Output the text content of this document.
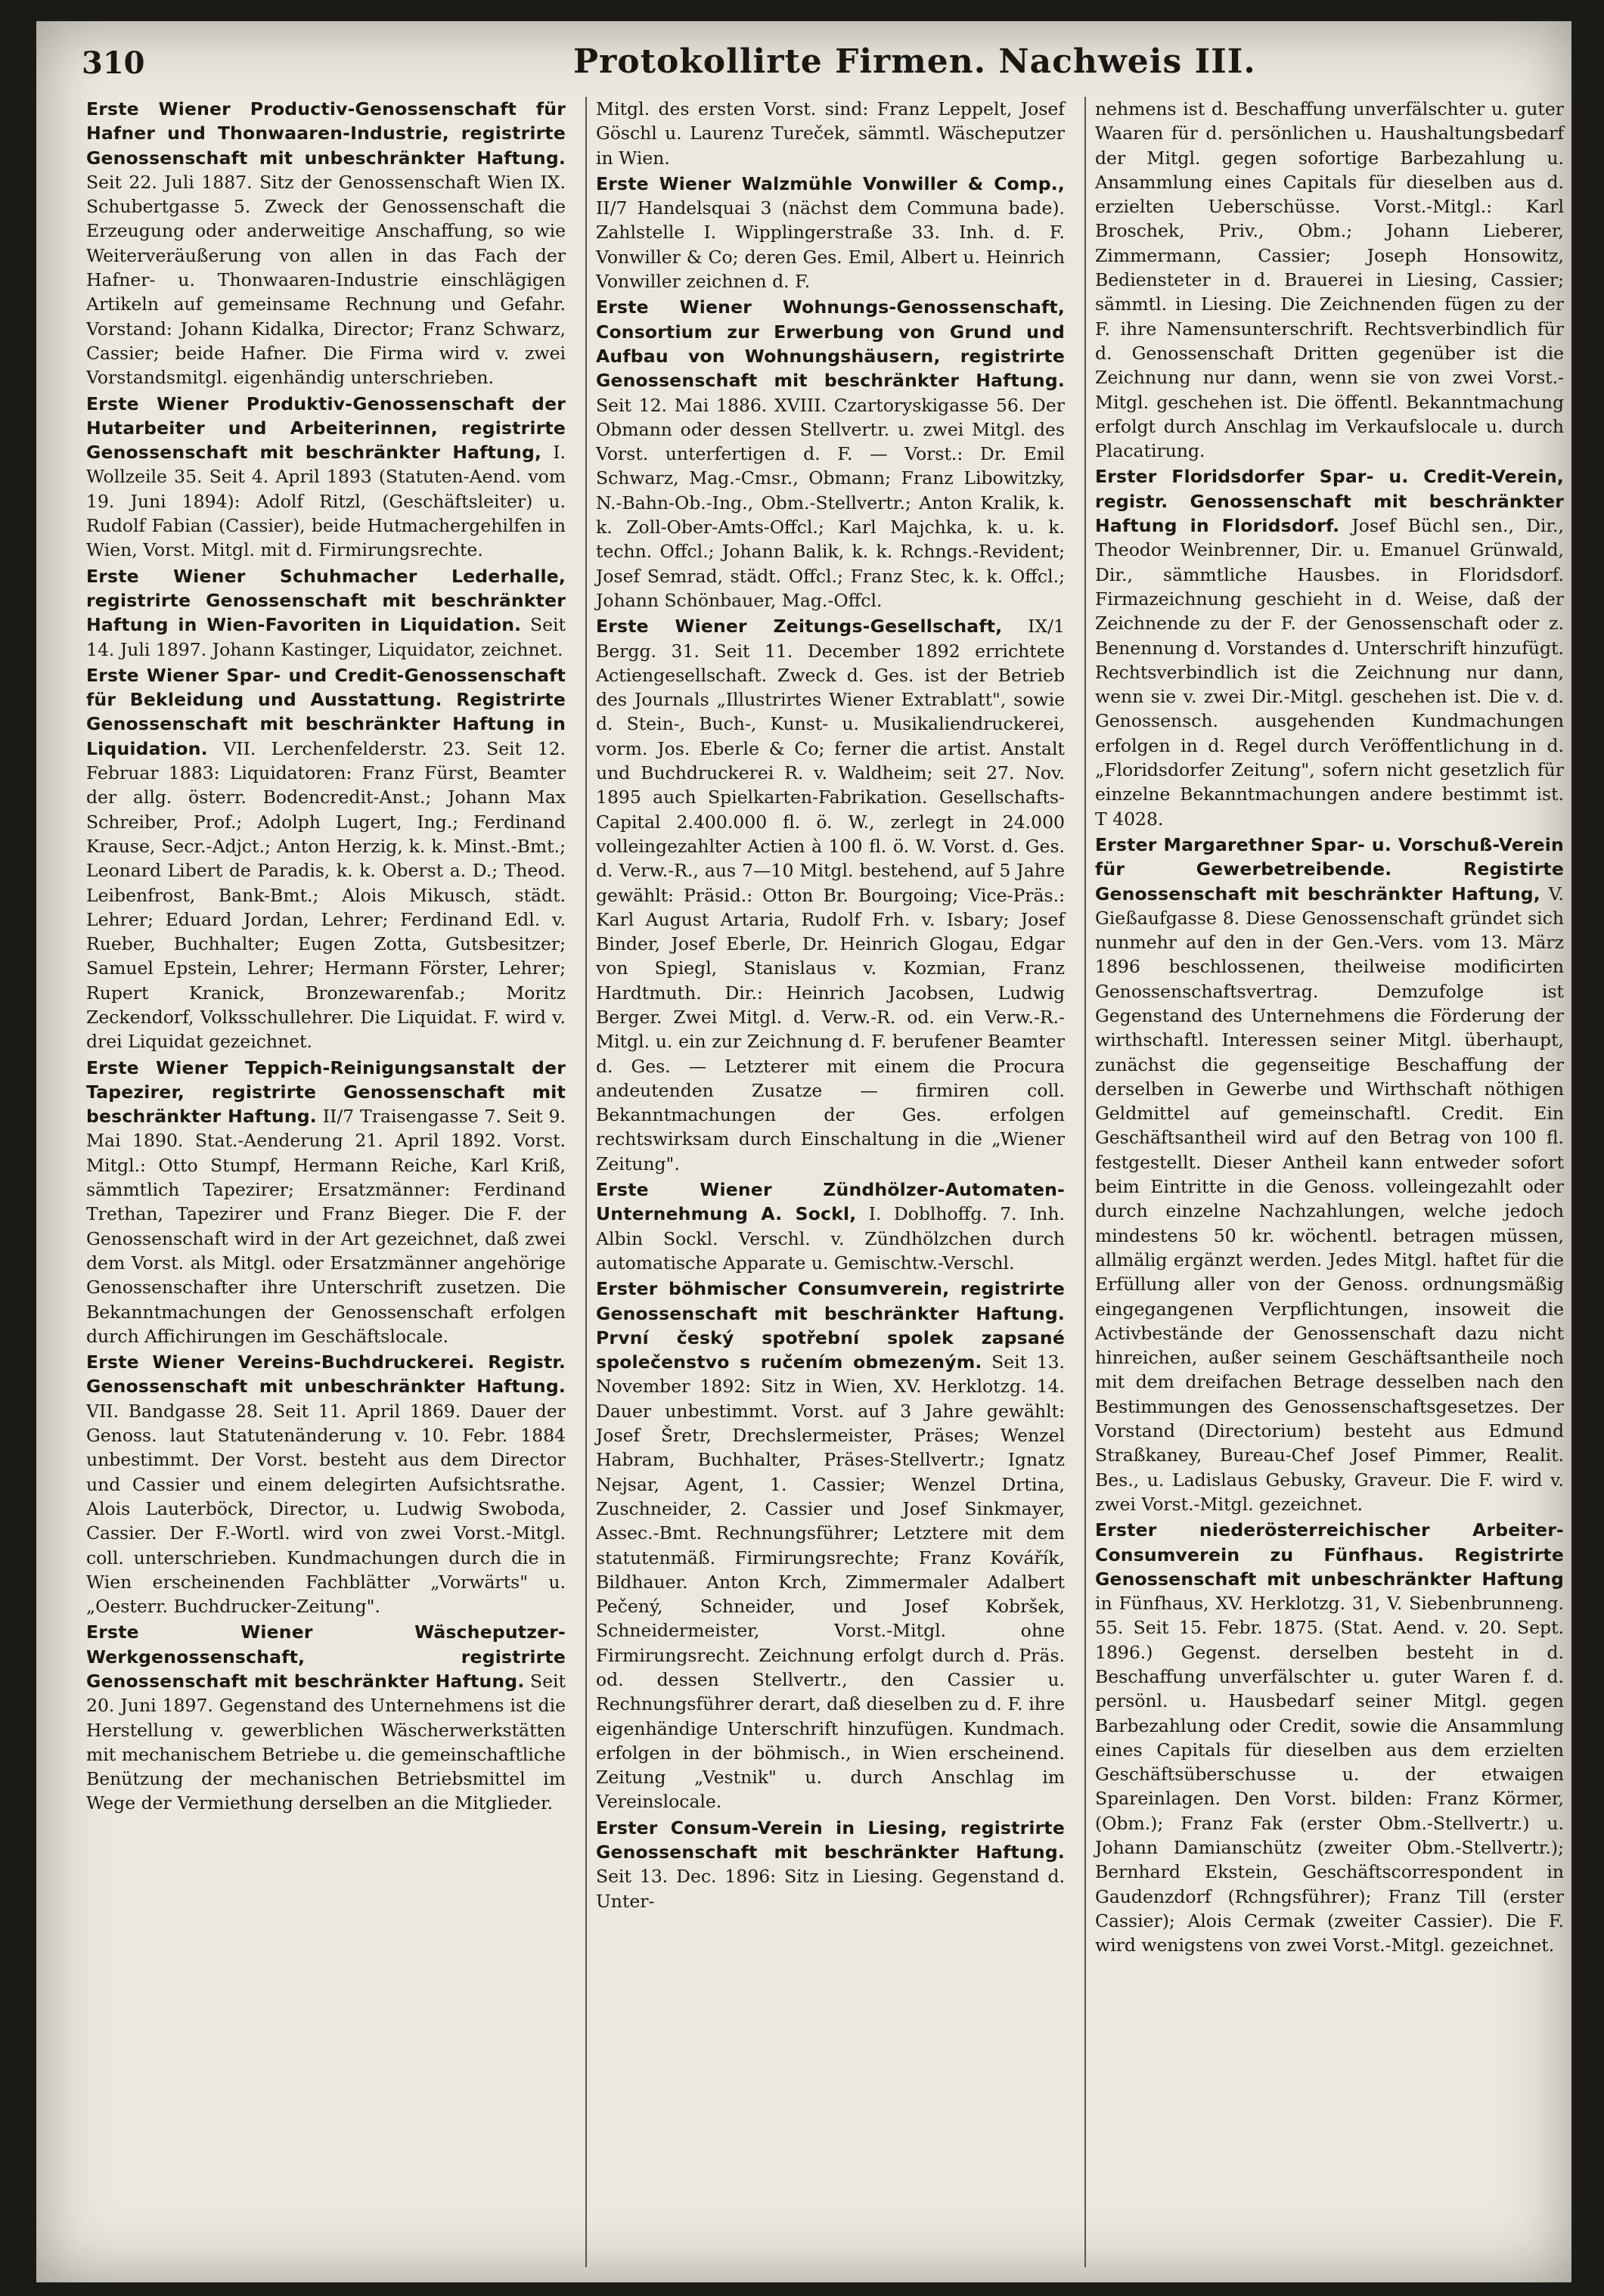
310	Protokollirte Firmen. Nachweis III.

Erste Wiener Productiv-Genossenschaft für Hafner und Thonwaaren-Industrie, registrirte Genossenschaft mit unbeschränkter Haftung. Seit 22. Juli 1887. Sitz der Genossenschaft Wien IX. Schubertgasse 5. Zweck der Genossenschaft die Erzeugung oder anderweitige Anschaffung, so wie Weiterveräußerung von allen in das Fach der Hafner- u. Thonwaaren-Industrie einschlägigen Artikeln auf gemeinsame Rechnung und Gefahr. Vorstand: Johann Kidalka, Director; Franz Schwarz, Cassier; beide Hafner. Die Firma wird v. zwei Vorstandsmitgl. eigenhändig unterschrieben.

Erste Wiener Produktiv-Genossenschaft der Hutarbeiter und Arbeiterinnen, registrirte Genossenschaft mit beschränkter Haftung, I. Wollzeile 35. Seit 4. April 1893 (Statuten-Aend. vom 19. Juni 1894): Adolf Ritzl, (Geschäftsleiter) u. Rudolf Fabian (Cassier), beide Hutmachergehilfen in Wien, Vorst. Mitgl. mit d. Firmirungsrechte.

Erste Wiener Schuhmacher Lederhalle, registrirte Genossenschaft mit beschränkter Haftung in Wien-Favoriten in Liquidation. Seit 14. Juli 1897. Johann Kastinger, Liquidator, zeichnet.

Erste Wiener Spar- und Credit-Genossenschaft für Bekleidung und Ausstattung. Registrirte Genossenschaft mit beschränkter Haftung in Liquidation. VII. Lerchenfelderstr. 23. Seit 12. Februar 1883: Liquidatoren: Franz Fürst, Beamter der allg. österr. Bodencredit-Anst.; Johann Max Schreiber, Prof.; Adolph Lugert, Ing.; Ferdinand Krause, Secr.-Adjct.; Anton Herzig, k. k. Minst.-Bmt.; Leonard Libert de Paradis, k. k. Oberst a. D.; Theod. Leibenfrost, Bank-Bmt.; Alois Mikusch, städt. Lehrer; Eduard Jordan, Lehrer; Ferdinand Edl. v. Rueber, Buchhalter; Eugen Zotta, Gutsbesitzer; Samuel Epstein, Lehrer; Hermann Förster, Lehrer; Rupert Kranick, Bronzewarenfab.; Moritz Zeckendorf, Volksschullehrer. Die Liquidat. F. wird v. drei Liquidat gezeichnet.

Erste Wiener Teppich-Reinigungsanstalt der Tapezirer, registrirte Genossenschaft mit beschränkter Haftung. II/7 Traisengasse 7. Seit 9. Mai 1890. Stat.-Aenderung 21. April 1892. Vorst. Mitgl.: Otto Stumpf, Hermann Reiche, Karl Kriß, sämmtlich Tapezirer; Ersatzmänner: Ferdinand Trethan, Tapezirer und Franz Bieger. Die F. der Genossenschaft wird in der Art gezeichnet, daß zwei dem Vorst. als Mitgl. oder Ersatzmänner angehörige Genossenschafter ihre Unterschrift zusetzen. Die Bekanntmachungen der Genossenschaft erfolgen durch Affichirungen im Geschäftslocale.

Erste Wiener Vereins-Buchdruckerei. Registr. Genossenschaft mit unbeschränkter Haftung. VII. Bandgasse 28. Seit 11. April 1869. Dauer der Genoss. laut Statutenänderung v. 10. Febr. 1884 unbestimmt. Der Vorst. besteht aus dem Director und Cassier und einem delegirten Aufsichtsrathe. Alois Lauterböck, Director, u. Ludwig Swoboda, Cassier. Der F.-Wortl. wird von zwei Vorst.-Mitgl. coll. unterschrieben. Kundmachungen durch die in Wien erscheinenden Fachblätter „Vorwärts" u. „Oesterr. Buchdrucker-Zeitung".

Erste Wiener Wäscheputzer-Werkgenossenschaft, registrirte Genossenschaft mit beschränkter Haftung. Seit 20. Juni 1897. Gegenstand des Unternehmens ist die Herstellung v. gewerblichen Wäscherwerkstätten mit mechanischem Betriebe u. die gemeinschaftliche Benützung der mechanischen Betriebsmittel im Wege der Vermiethung derselben an die Mitglieder.

Mitgl. des ersten Vorst. sind: Franz Leppelt, Josef Göschl u. Laurenz Tureček, sämmtl. Wäscheputzer in Wien.

Erste Wiener Walzmühle Vonwiller & Comp., II/7 Handelsquai 3 (nächst dem Communa bade). Zahlstelle I. Wipplingerstraße 33. Inh. d. F. Vonwiller & Co; deren Ges. Emil, Albert u. Heinrich Vonwiller zeichnen d. F.

Erste Wiener Wohnungs-Genossenschaft, Consortium zur Erwerbung von Grund und Aufbau von Wohnungshäusern, registrirte Genossenschaft mit beschränkter Haftung. Seit 12. Mai 1886. XVIII. Czartoryskigasse 56. Der Obmann oder dessen Stellvertr. u. zwei Mitgl. des Vorst. unterfertigen d. F. — Vorst.: Dr. Emil Schwarz, Mag.-Cmsr., Obmann; Franz Libowitzky, N.-Bahn-Ob.-Ing., Obm.-Stellvertr.; Anton Kralik, k. k. Zoll-Ober-Amts-Offcl.; Karl Majchka, k. u. k. techn. Offcl.; Johann Balik, k. k. Rchngs.-Revident; Josef Semrad, städt. Offcl.; Franz Stec, k. k. Offcl.; Johann Schönbauer, Mag.-Offcl.

Erste Wiener Zeitungs-Gesellschaft, IX/1 Bergg. 31. Seit 11. December 1892 errichtete Actiengesellschaft. Zweck d. Ges. ist der Betrieb des Journals „Illustrirtes Wiener Extrablatt", sowie d. Stein-, Buch-, Kunst- u. Musikaliendruckerei, vorm. Jos. Eberle & Co; ferner die artist. Anstalt und Buchdruckerei R. v. Waldheim; seit 27. Nov. 1895 auch Spielkarten-Fabrikation. Gesellschafts-Capital 2.400.000 fl. ö. W., zerlegt in 24.000 volleingezahlter Actien à 100 fl. ö. W. Vorst. d. Ges. d. Verw.-R., aus 7—10 Mitgl. bestehend, auf 5 Jahre gewählt: Präsid.: Otton Br. Bourgoing; Vice-Präs.: Karl August Artaria, Rudolf Frh. v. Isbary; Josef Binder, Josef Eberle, Dr. Heinrich Glogau, Edgar von Spiegl, Stanislaus v. Kozmian, Franz Hardtmuth. Dir.: Heinrich Jacobsen, Ludwig Berger. Zwei Mitgl. d. Verw.-R. od. ein Verw.-R.-Mitgl. u. ein zur Zeichnung d. F. berufener Beamter d. Ges. — Letzterer mit einem die Procura andeutenden Zusatze — firmiren coll. Bekanntmachungen der Ges. erfolgen rechtswirksam durch Einschaltung in die „Wiener Zeitung".

Erste Wiener Zündhölzer-Automaten-Unternehmung A. Sockl, I. Doblhoffg. 7. Inh. Albin Sockl. Verschl. v. Zündhölzchen durch automatische Apparate u. Gemischtw.-Verschl.

Erster böhmischer Consumverein, registrirte Genossenschaft mit beschränkter Haftung. První český spotřební spolek zapsané společenstvo s ručením obmezeným. Seit 13. November 1892: Sitz in Wien, XV. Herklotzg. 14. Dauer unbestimmt. Vorst. auf 3 Jahre gewählt: Josef Šretr, Drechslermeister, Präses; Wenzel Habram, Buchhalter, Präses-Stellvertr.; Ignatz Nejsar, Agent, 1. Cassier; Wenzel Drtina, Zuschneider, 2. Cassier und Josef Sinkmayer, Assec.-Bmt. Rechnungsführer; Letztere mit dem statutenmäß. Firmirungsrechte; Franz Kovářík, Bildhauer. Anton Krch, Zimmermaler Adalbert Pečený, Schneider, und Josef Kobršek, Schneidermeister, Vorst.-Mitgl. ohne Firmirungsrecht. Zeichnung erfolgt durch d. Präs. od. dessen Stellvertr., den Cassier u. Rechnungsführer derart, daß dieselben zu d. F. ihre eigenhändige Unterschrift hinzufügen. Kundmach. erfolgen in der böhmisch., in Wien erscheinend. Zeitung „Vestnik" u. durch Anschlag im Vereinslocale.

Erster Consum-Verein in Liesing, registrirte Genossenschaft mit beschränkter Haftung. Seit 13. Dec. 1896: Sitz in Liesing. Gegenstand d. Unter-

nehmens ist d. Beschaffung unverfälschter u. guter Waaren für d. persönlichen u. Haushaltungsbedarf der Mitgl. gegen sofortige Barbezahlung u. Ansammlung eines Capitals für dieselben aus d. erzielten Ueberschüsse. Vorst.-Mitgl.: Karl Broschek, Priv., Obm.; Johann Lieberer, Zimmermann, Cassier; Joseph Honsowitz, Bediensteter in d. Brauerei in Liesing, Cassier; sämmtl. in Liesing. Die Zeichnenden fügen zu der F. ihre Namensunterschrift. Rechtsverbindlich für d. Genossenschaft Dritten gegenüber ist die Zeichnung nur dann, wenn sie von zwei Vorst.-Mitgl. geschehen ist. Die öffentl. Bekanntmachung erfolgt durch Anschlag im Verkaufslocale u. durch Placatirung.

Erster Floridsdorfer Spar- u. Credit-Verein, registr. Genossenschaft mit beschränkter Haftung in Floridsdorf. Josef Büchl sen., Dir., Theodor Weinbrenner, Dir. u. Emanuel Grünwald, Dir., sämmtliche Hausbes. in Floridsdorf. Firmazeichnung geschieht in d. Weise, daß der Zeichnende zu der F. der Genossenschaft oder z. Benennung d. Vorstandes d. Unterschrift hinzufügt. Rechtsverbindlich ist die Zeichnung nur dann, wenn sie v. zwei Dir.-Mitgl. geschehen ist. Die v. d. Genossensch. ausgehenden Kundmachungen erfolgen in d. Regel durch Veröffentlichung in d. „Floridsdorfer Zeitung", sofern nicht gesetzlich für einzelne Bekanntmachungen andere bestimmt ist. T 4028.

Erster Margarethner Spar- u. Vorschuß-Verein für Gewerbetreibende. Registirte Genossenschaft mit beschränkter Haftung, V. Gießaufgasse 8. Diese Genossenschaft gründet sich nunmehr auf den in der Gen.-Vers. vom 13. März 1896 beschlossenen, theilweise modificirten Genossenschaftsvertrag. Demzufolge ist Gegenstand des Unternehmens die Förderung der wirthschaftl. Interessen seiner Mitgl. überhaupt, zunächst die gegenseitige Beschaffung der derselben in Gewerbe und Wirthschaft nöthigen Geldmittel auf gemeinschaftl. Credit. Ein Geschäftsantheil wird auf den Betrag von 100 fl. festgestellt. Dieser Antheil kann entweder sofort beim Eintritte in die Genoss. volleingezahlt oder durch einzelne Nachzahlungen, welche jedoch mindestens 50 kr. wöchentl. betragen müssen, allmälig ergänzt werden. Jedes Mitgl. haftet für die Erfüllung aller von der Genoss. ordnungsmäßig eingegangenen Verpflichtungen, insoweit die Activbestände der Genossenschaft dazu nicht hinreichen, außer seinem Geschäftsantheile noch mit dem dreifachen Betrage desselben nach den Bestimmungen des Genossenschaftsgesetzes. Der Vorstand (Directorium) besteht aus Edmund Straßkaney, Bureau-Chef Josef Pimmer, Realit. Bes., u. Ladislaus Gebusky, Graveur. Die F. wird v. zwei Vorst.-Mitgl. gezeichnet.

Erster niederösterreichischer Arbeiter-Consumverein zu Fünfhaus. Registrirte Genossenschaft mit unbeschränkter Haftung in Fünfhaus, XV. Herklotzg. 31, V. Siebenbrunneng. 55. Seit 15. Febr. 1875. (Stat. Aend. v. 20. Sept. 1896.) Gegenst. derselben besteht in d. Beschaffung unverfälschter u. guter Waren f. d. persönl. u. Hausbedarf seiner Mitgl. gegen Barbezahlung oder Credit, sowie die Ansammlung eines Capitals für dieselben aus dem erzielten Geschäftsüberschusse u. der etwaigen Spareinlagen. Den Vorst. bilden: Franz Körmer, (Obm.); Franz Fak (erster Obm.-Stellvertr.) u. Johann Damianschütz (zweiter Obm.-Stellvertr.); Bernhard Ekstein, Geschäftscorrespondent in Gaudenzdorf (Rchngsführer); Franz Till (erster Cassier); Alois Cermak (zweiter Cassier). Die F. wird wenigstens von zwei Vorst.-Mitgl. gezeichnet.
